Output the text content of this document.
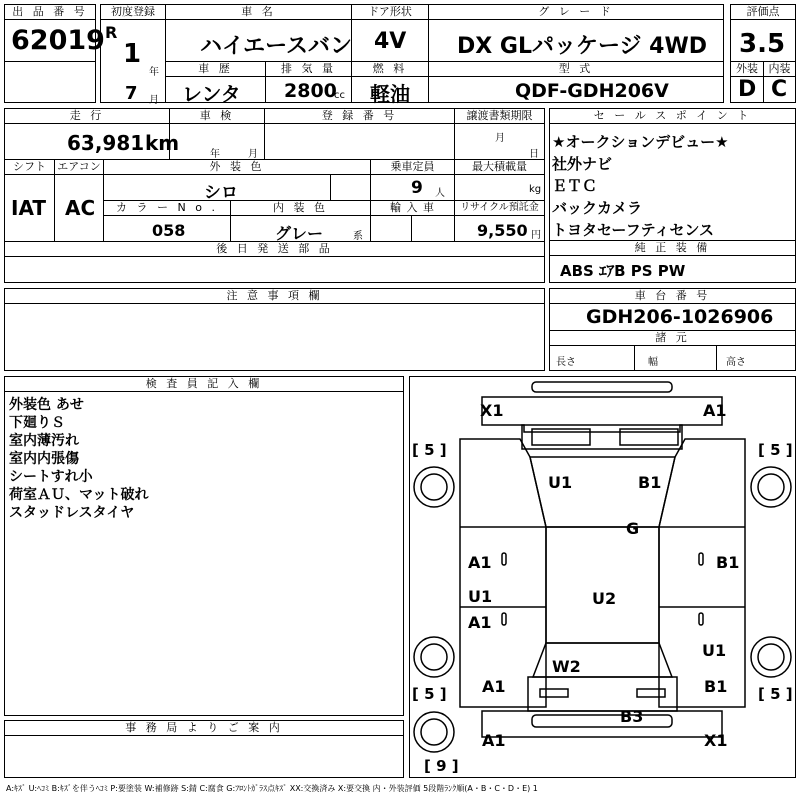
出 品 番 号
62019
初度登録
R
1
年
7 月
車 名
ハイエースバン
ドア形状
4V
グ レ ー ド
DX GLパッケージ 4WD
評価点
3.5
車 歴
レンタ
排 気 量
2800
cc
燃 料
軽油
型 式
QDF-GDH206V
外装
D
内装
C
走 行
63,981 km
車 検
年	月
登 録 番 号	譲渡書類期限
月
日
シフト
IAT
エアコン
AC
外 装 色
シロ
乗車定員
9 人
最大積載量
kg
カ ラ ー N o .
058
内 装 色
グレー	系
輸 入 車	リサイクル預託金
9,550 円
後 日 発 送 部 品
セ ー ル ス ポ イ ン ト
★オークションデビュー★
社外ナビ
ＥＴＣ
バックカメラ
トヨタセーフティセンス
純 正 装 備
ABS ｴｱB PS PW
注 意 事 項 欄	車 台 番 号
GDH206-1026906
諸 元
長さ	幅	高さ
検 査 員 記 入 欄
外装色 あせ
下廻りＳ
室内薄汚れ
室内内張傷
シートすれ小
荷室ＡＵ、マット破れ
スタッドレスタイヤ
事 務 局 よ り ご 案 内
X1	A1
[ 5 ]	[ 5 ]
U1	B1
G
A1	B1
U1
A1
U2
U1
W2
[ 5 ]	[ 5 ]
A1	B1
B3
A1	X1
[ 9 ]
A:ｷｽﾞ U:ﾍｺﾐ B:ｷｽﾞを伴うﾍｺﾐ P:要塗装 W:補修跡 S:錆 C:腐食 G:ﾌﾛﾝﾄｶﾞﾗｽ点ｷｽﾞ XX:交換済み X:要交換 内・外装評価 5段階ﾗﾝｸ順(A・B・C・D・E) 1
